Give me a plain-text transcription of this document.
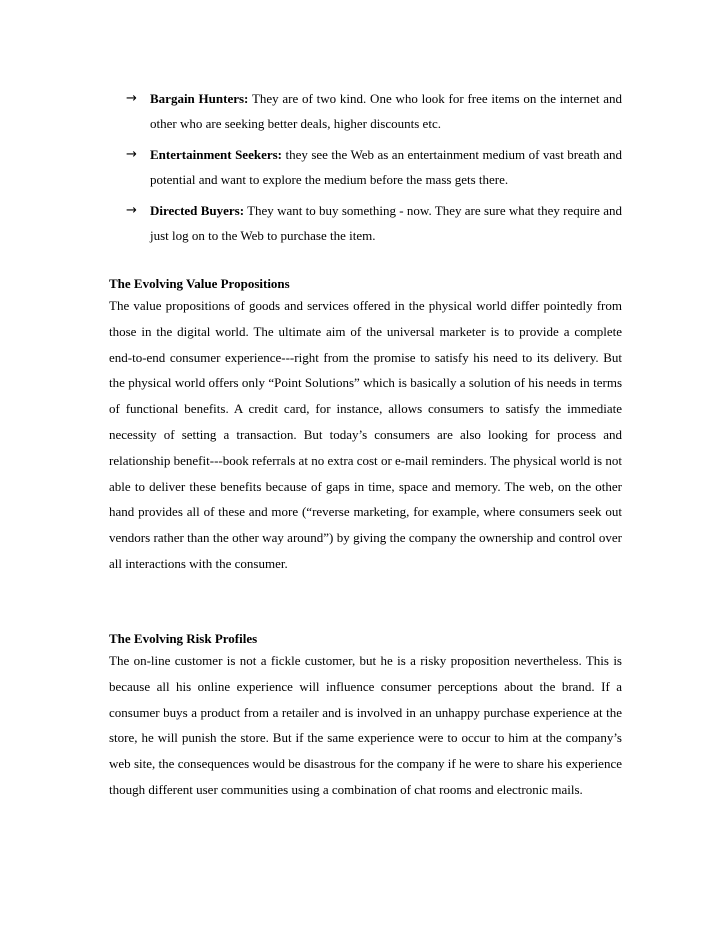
→	Bargain Hunters: They are of two kind. One who look for free items on the internet and other who are seeking better deals, higher discounts etc.
→	Entertainment Seekers: they see the Web as an entertainment medium of vast breath and potential and want to explore the medium before the mass gets there.
→	Directed Buyers: They want to buy something - now. They are sure what they require and just log on to the Web to purchase the item.
The Evolving Value Propositions

The value propositions of goods and services offered in the physical world differ pointedly from those in the digital world. The ultimate aim of the universal marketer is to provide a complete end-to-end consumer experience---right from the promise to satisfy his need to its delivery. But the physical world offers only “Point Solutions” which is basically a solution of his needs in terms of functional benefits. A credit card, for instance, allows consumers to satisfy the immediate necessity of setting a transaction. But today’s consumers are also looking for process and relationship benefit---book referrals at no extra cost or e-mail reminders. The physical world is not able to deliver these benefits because of gaps in time, space and memory. The web, on the other hand provides all of these and more (“reverse marketing, for example, where consumers seek out vendors rather than the other way around”) by giving the company the ownership and control over all interactions with the consumer.

The Evolving Risk Profiles

The on-line customer is not a fickle customer, but he is a risky proposition nevertheless. This is because all his online experience will influence consumer perceptions about the brand. If a consumer buys a product from a retailer and is involved in an unhappy purchase experience at the store, he will punish the store. But if the same experience were to occur to him at the company’s web site, the consequences would be disastrous for the company if he were to share his experience though different user communities using a combination of chat rooms and electronic mails.
